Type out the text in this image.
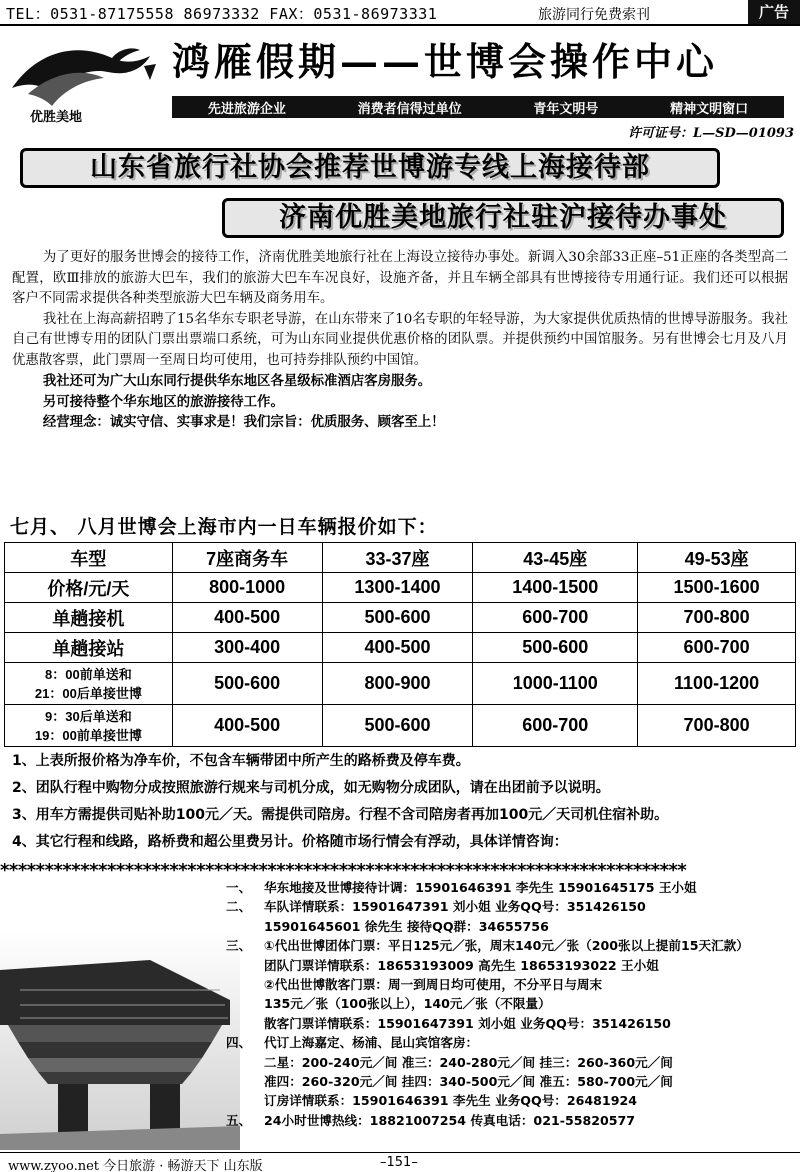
TEL：0531-87175558 86973332 FAX：0531-86973331	旅游同行免费索刊	广告
优胜美地
鸿雁假期——世博会操作中心
先进旅游企业	消费者信得过单位	青年文明号	精神文明窗口
许可证号：L—SD—01093
山东省旅行社协会推荐世博游专线上海接待部
济南优胜美地旅行社驻沪接待办事处

为了更好的服务世博会的接待工作，济南优胜美地旅行社在上海设立接待办事处。新调入30余部33正座–51正座的各类型高二配置，欧Ⅲ排放的旅游大巴车，我们的旅游大巴车车况良好，设施齐备，并且车辆全部具有世博接待专用通行证。我们还可以根据客户不同需求提供各种类型旅游大巴车辆及商务用车。

我社在上海高薪招聘了15名华东专职老导游，在山东带来了10名专职的年轻导游，为大家提供优质热情的世博导游服务。我社自己有世博专用的团队门票出票端口系统，可为山东同业提供优惠价格的团队票。并提供预约中国馆服务。另有世博会七月及八月优惠散客票，此门票周一至周日均可使用，也可持券排队预约中国馆。

我社还可为广大山东同行提供华东地区各星级标准酒店客房服务。

另可接待整个华东地区的旅游接待工作。

经营理念：诚实守信、实事求是！我们宗旨：优质服务、顾客至上！

七月、 八月世博会上海市内一日车辆报价如下：
车型	7座商务车	33-37座	43-45座	49-53座
价格/元/天	800-1000	1300-1400	1400-1500	1500-1600
单趟接机	400-500	500-600	600-700	700-800
单趟接站	300-400	400-500	500-600	600-700

8：00前单送和
21：00后单接世博	500-600	800-900	1000-1100	1100-1200

9：30后单送和
19：00前单接世博	400-500	500-600	600-700	700-800
1、上表所报价格为净车价，不包含车辆带团中所产生的路桥费及停车费。
2、团队行程中购物分成按照旅游行规来与司机分成，如无购物分成团队，请在出团前予以说明。
3、用车方需提供司贴补助100元／天。需提供司陪房。行程不含司陪房者再加100元／天司机住宿补助。
4、其它行程和线路，路桥费和超公里费另计。价格随市场行情会有浮动，具体详情咨询：
*****************************************************************************
一、	华东地接及世博接待计调：15901646391 李先生 15901645175 王小姐
二、	车队详情联系：15901647391 刘小姐 业务QQ号：351426150
15901645601 徐先生 接待QQ群：34655756
三、	①代出世博团体门票：平日125元／张，周末140元／张（200张以上提前15天汇款）
团队门票详情联系：18653193009 高先生 18653193022 王小姐
②代出世博散客门票：周一到周日均可使用，不分平日与周末
135元／张（100张以上），140元／张（不限量）
散客门票详情联系：15901647391 刘小姐 业务QQ号：351426150
四、	代订上海嘉定、杨浦、昆山宾馆客房：
二星：200-240元／间 准三：240-280元／间 挂三：260-360元／间
准四：260-320元／间 挂四：340-500元／间 准五：580-700元／间
订房详情联系：15901646391 李先生 业务QQ号：26481924
五、	24小时世博热线：18821007254 传真电话：021-55820577
www.zyoo.net 今日旅游 · 畅游天下 山东版	–151–
